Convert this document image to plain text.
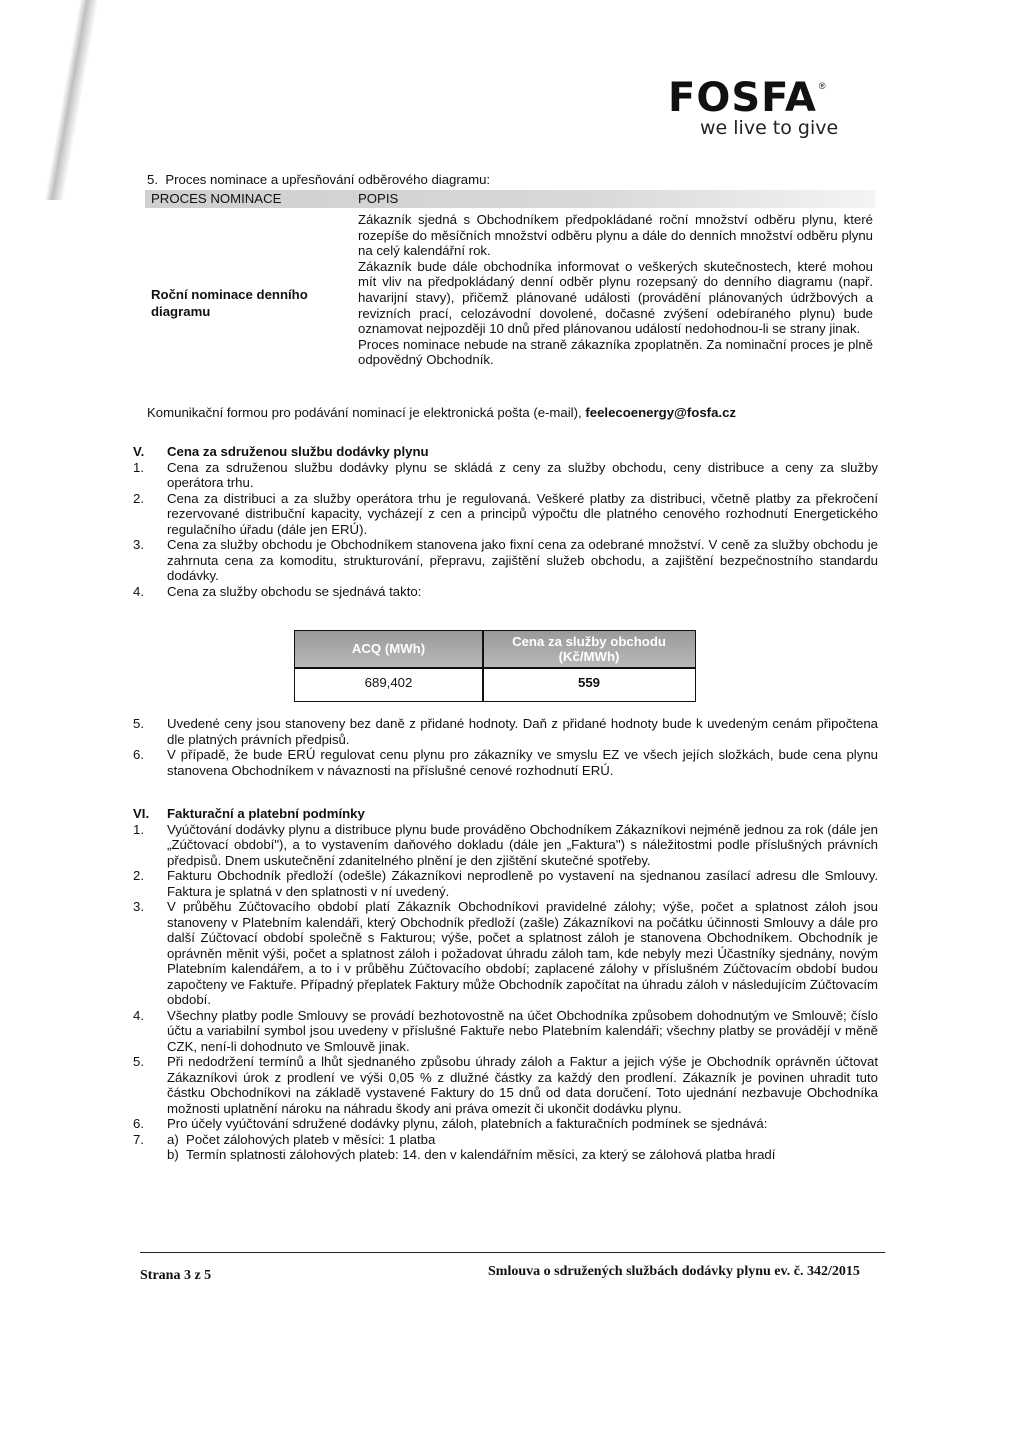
FOSFA ®
we live to give
5.  Proces nominace a upřesňování odběrového diagramu:
PROCES NOMINACE	POPIS
Roční nominace denního diagramu

Zákazník sjedná s Obchodníkem předpokládané roční množství odběru plynu, které rozepíše do měsíčních množství odběru plynu a dále do denních množství odběru plynu na celý kalendářní rok.

Zákazník bude dále obchodníka informovat o veškerých skutečnostech, které mohou mít vliv na předpokládaný denní odběr plynu rozepsaný do denního diagramu (např. havarijní stavy), přičemž plánované události (provádění plánovaných údržbových a revizních prací, celozávodní dovolené, dočasné zvýšení odebíraného plynu) bude oznamovat nejpozději 10 dnů před plánovanou událostí nedohodnou-li se strany jinak.

Proces nominace nebude na straně zákazníka zpoplatněn. Za nominační proces je plně odpovědný Obchodník.

Komunikační formou pro podávání nominací je elektronická pošta (e-mail), feelecoenergy@fosfa.cz
V. Cena za sdruženou službu dodávky plynu
1. Cena za sdruženou službu dodávky plynu se skládá z ceny za služby obchodu, ceny distribuce a ceny za služby operátora trhu.
2. Cena za distribuci a za služby operátora trhu je regulovaná. Veškeré platby za distribuci, včetně platby za překročení rezervované distribuční kapacity, vycházejí z cen a principů výpočtu dle platného cenového rozhodnutí Energetického regulačního úřadu (dále jen ERÚ).
3. Cena za služby obchodu je Obchodníkem stanovena jako fixní cena za odebrané množství. V ceně za služby obchodu je zahrnuta cena za komoditu, strukturování, přepravu, zajištění služeb obchodu, a zajištění bezpečnostního standardu dodávky.
4. Cena za služby obchodu se sjednává takto:
ACQ (MWh)	Cena za služby obchodu
(Kč/MWh)
689,402	559
5. Uvedené ceny jsou stanoveny bez daně z přidané hodnoty. Daň z přidané hodnoty bude k uvedeným cenám připočtena dle platných právních předpisů.
6. V případě, že bude ERÚ regulovat cenu plynu pro zákazníky ve smyslu EZ ve všech jejích složkách, bude cena plynu stanovena Obchodníkem v návaznosti na příslušné cenové rozhodnutí ERÚ.
VI. Fakturační a platební podmínky
1. Vyúčtování dodávky plynu a distribuce plynu bude prováděno Obchodníkem Zákazníkovi nejméně jednou za rok (dále jen „Zúčtovací období"), a to vystavením daňového dokladu (dále jen „Faktura") s náležitostmi podle příslušných právních předpisů. Dnem uskutečnění zdanitelného plnění je den zjištění skutečné spotřeby.
2. Fakturu Obchodník předloží (odešle) Zákazníkovi neprodleně po vystavení na sjednanou zasílací adresu dle Smlouvy. Faktura je splatná v den splatnosti v ní uvedený.
3. V průběhu Zúčtovacího období platí Zákazník Obchodníkovi pravidelné zálohy; výše, počet a splatnost záloh jsou stanoveny v Platebním kalendáři, který Obchodník předloží (zašle) Zákazníkovi na počátku účinnosti Smlouvy a dále pro další Zúčtovací období společně s Fakturou; výše, počet a splatnost záloh je stanovena Obchodníkem. Obchodník je oprávněn měnit výši, počet a splatnost záloh i požadovat úhradu záloh tam, kde nebyly mezi Účastníky sjednány, novým Platebním kalendářem, a to i v průběhu Zúčtovacího období; zaplacené zálohy v příslušném Zúčtovacím období budou započteny ve Faktuře. Případný přeplatek Faktury může Obchodník započítat na úhradu záloh v následujícím Zúčtovacím období.
4. Všechny platby podle Smlouvy se provádí bezhotovostně na účet Obchodníka způsobem dohodnutým ve Smlouvě; číslo účtu a variabilní symbol jsou uvedeny v příslušné Faktuře nebo Platebním kalendáři; všechny platby se provádějí v měně CZK, není-li dohodnuto ve Smlouvě jinak.
5. Při nedodržení termínů a lhůt sjednaného způsobu úhrady záloh a Faktur a jejich výše je Obchodník oprávněn účtovat Zákazníkovi úrok z prodlení ve výši 0,05 % z dlužné částky za každý den prodlení. Zákazník je povinen uhradit tuto částku Obchodníkovi na základě vystavené Faktury do 15 dnů od data doručení. Toto ujednání nezbavuje Obchodníka možnosti uplatnění nároku na náhradu škody ani práva omezit či ukončit dodávku plynu.
6. Pro účely vyúčtování sdružené dodávky plynu, záloh, platebních a fakturačních podmínek se sjednává:
7. a)  Počet zálohových plateb v měsíci: 1 platba
b)  Termín splatnosti zálohových plateb: 14. den v kalendářním měsíci, za který se zálohová platba hradí
Strana 3 z 5	Smlouva o sdružených službách dodávky plynu ev. č. 342/2015
